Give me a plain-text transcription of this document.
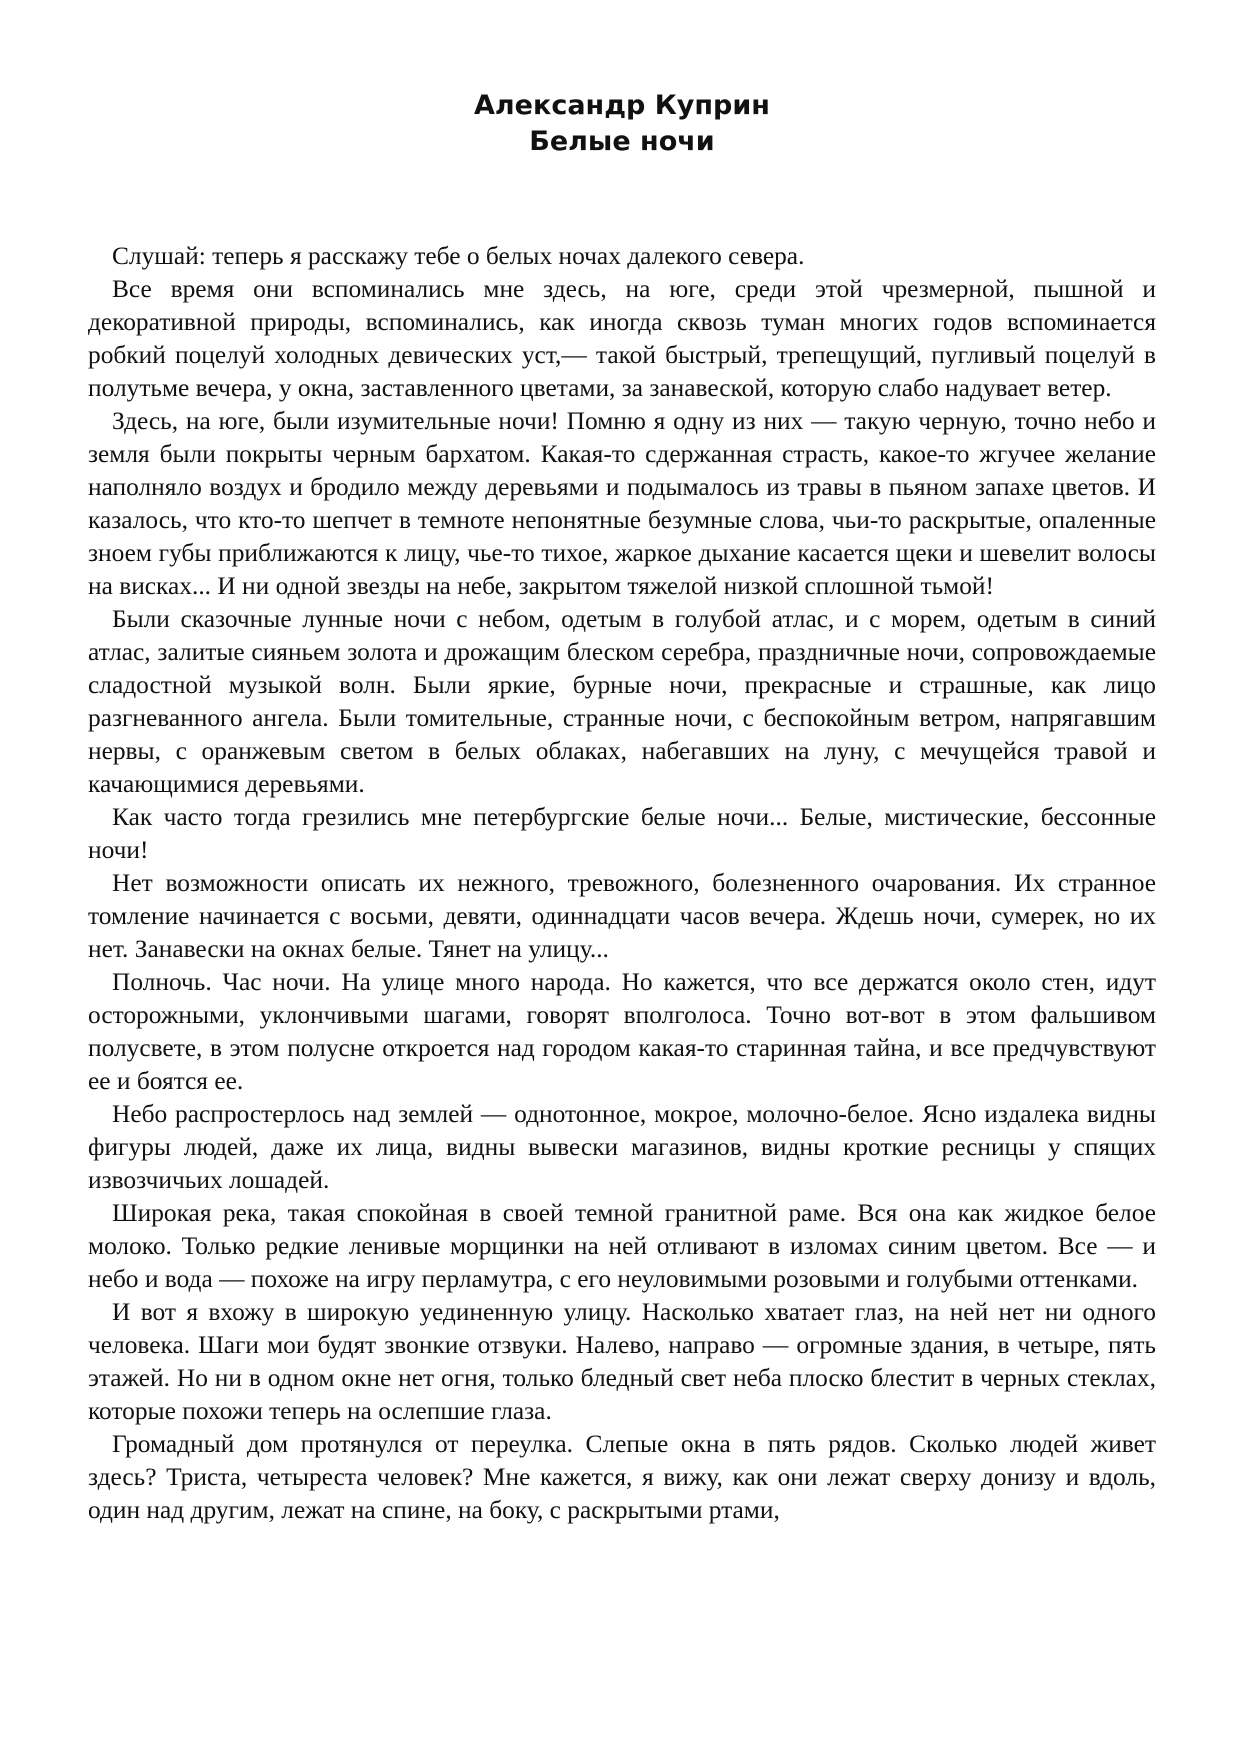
Александр Куприн
Белые ночи

Слушай: теперь я расскажу тебе о белых ночах далекого севера.

Все время они вспоминались мне здесь, на юге, среди этой чрезмерной, пышной и декоративной природы, вспоминались, как иногда сквозь туман многих годов вспоминается робкий поцелуй холодных девических уст,— такой быстрый, трепещущий, пугливый поцелуй в полутьме вечера, у окна, заставленного цветами, за занавеской, которую слабо надувает ветер.

Здесь, на юге, были изумительные ночи! Помню я одну из них — такую черную, точно небо и земля были покрыты черным бархатом. Какая-то сдержанная страсть, какое-то жгучее желание наполняло воздух и бродило между деревьями и подымалось из травы в пьяном запахе цветов. И казалось, что кто-то шепчет в темноте непонятные безумные слова, чьи-то раскрытые, опаленные зноем губы приближаются к лицу, чье-то тихое, жаркое дыхание касается щеки и шевелит волосы на висках... И ни одной звезды на небе, закрытом тяжелой низкой сплошной тьмой!

Были сказочные лунные ночи с небом, одетым в голубой атлас, и с морем, одетым в синий атлас, залитые сияньем золота и дрожащим блеском серебра, праздничные ночи, сопровождаемые сладостной музыкой волн. Были яркие, бурные ночи, прекрасные и страшные, как лицо разгневанного ангела. Были томительные, странные ночи, с беспокойным ветром, напрягавшим нервы, с оранжевым светом в белых облаках, набегавших на луну, с мечущейся травой и качающимися деревьями.

Как часто тогда грезились мне петербургские белые ночи... Белые, мистические, бессонные ночи!

Нет возможности описать их нежного, тревожного, болезненного очарования. Их странное томление начинается с восьми, девяти, одиннадцати часов вечера. Ждешь ночи, сумерек, но их нет. Занавески на окнах белые. Тянет на улицу...

Полночь. Час ночи. На улице много народа. Но кажется, что все держатся около стен, идут осторожными, уклончивыми шагами, говорят вполголоса. Точно вот-вот в этом фальшивом полусвете, в этом полусне откроется над городом какая-то старинная тайна, и все предчувствуют ее и боятся ее.

Небо распростерлось над землей — однотонное, мокрое, молочно-белое. Ясно издалека видны фигуры людей, даже их лица, видны вывески магазинов, видны кроткие ресницы у спящих извозчичьих лошадей.

Широкая река, такая спокойная в своей темной гранитной раме. Вся она как жидкое белое молоко. Только редкие ленивые морщинки на ней отливают в изломах синим цветом. Все — и небо и вода — похоже на игру перламутра, с его неуловимыми розовыми и голубыми оттенками.

И вот я вхожу в широкую уединенную улицу. Насколько хватает глаз, на ней нет ни одного человека. Шаги мои будят звонкие отзвуки. Налево, направо — огромные здания, в четыре, пять этажей. Но ни в одном окне нет огня, только бледный свет неба плоско блестит в черных стеклах, которые похожи теперь на ослепшие глаза.

Громадный дом протянулся от переулка. Слепые окна в пять рядов. Сколько людей живет здесь? Триста, четыреста человек? Мне кажется, я вижу, как они лежат сверху донизу и вдоль, один над другим, лежат на спине, на боку, с раскрытыми ртами,
